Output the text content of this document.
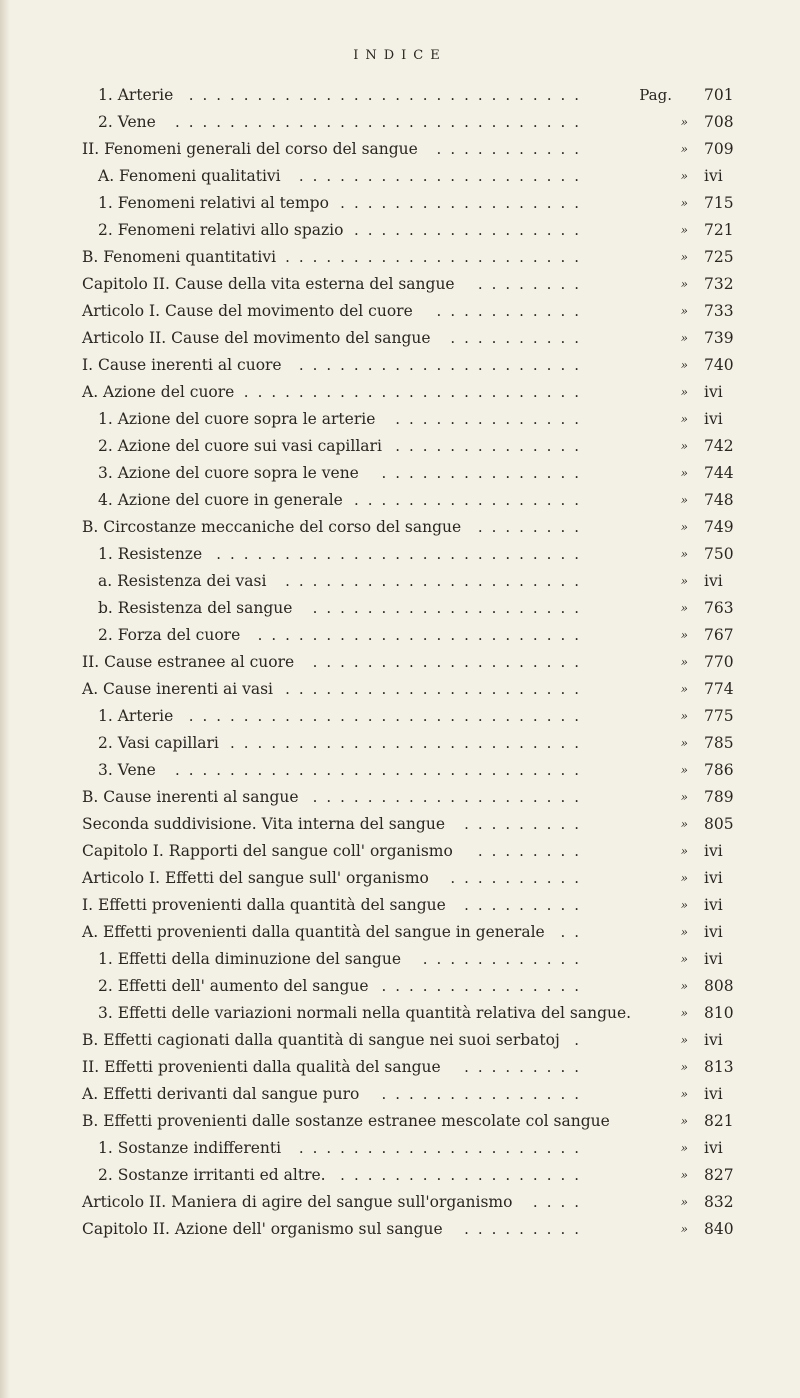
INDICE
1. Arterie .............................	Pag. 701
2. Vene ..............................	» 708
II. Fenomeni generali del corso del sangue ...........	» 709
A. Fenomeni qualitativi .....................	» ivi
1. Fenomeni relativi al tempo ..................	» 715
2. Fenomeni relativi allo spazio .................	» 721
B. Fenomeni quantitativi ......................	» 725
Capitolo II. Cause della vita esterna del sangue ........	» 732
Articolo I. Cause del movimento del cuore ...........	» 733
Articolo II. Cause del movimento del sangue ..........	» 739
I. Cause inerenti al cuore .....................	» 740
A. Azione del cuore .........................	» ivi
1. Azione del cuore sopra le arterie ..............	» ivi
2. Azione del cuore sui vasi capillari ..............	» 742
3. Azione del cuore sopra le vene ...............	» 744
4. Azione del cuore in generale .................	» 748
B. Circostanze meccaniche del corso del sangue ........	» 749
1. Resistenze ...........................	» 750
a. Resistenza dei vasi ......................	» ivi
b. Resistenza del sangue ....................	» 763
2. Forza del cuore ........................	» 767
II. Cause estranee al cuore ....................	» 770
A. Cause inerenti ai vasi ......................	» 774
1. Arterie .............................	» 775
2. Vasi capillari ..........................	» 785
3. Vene ..............................	» 786
B. Cause inerenti al sangue ....................	» 789
Seconda suddivisione. Vita interna del sangue .........	» 805
Capitolo I. Rapporti del sangue coll' organismo ........	» ivi
Articolo I. Effetti del sangue sull' organismo ..........	» ivi
I. Effetti provenienti dalla quantità del sangue .........	» ivi
A. Effetti provenienti dalla quantità del sangue in generale ..	» ivi
1. Effetti della diminuzione del sangue ............	» ivi
2. Effetti dell' aumento del sangue ...............	» 808
3. Effetti delle variazioni normali nella quantità relativa del sangue.	» 810
B. Effetti cagionati dalla quantità di sangue nei suoi serbatoj .	» ivi
II. Effetti provenienti dalla qualità del sangue .........	» 813
A. Effetti derivanti dal sangue puro ...............	» ivi
B. Effetti provenienti dalle sostanze estranee mescolate col sangue	» 821
1. Sostanze indifferenti .....................	» ivi
2. Sostanze irritanti ed altre. ..................	» 827
Articolo II. Maniera di agire del sangue sull'organismo ....	» 832
Capitolo II. Azione dell' organismo sul sangue .........	» 840
